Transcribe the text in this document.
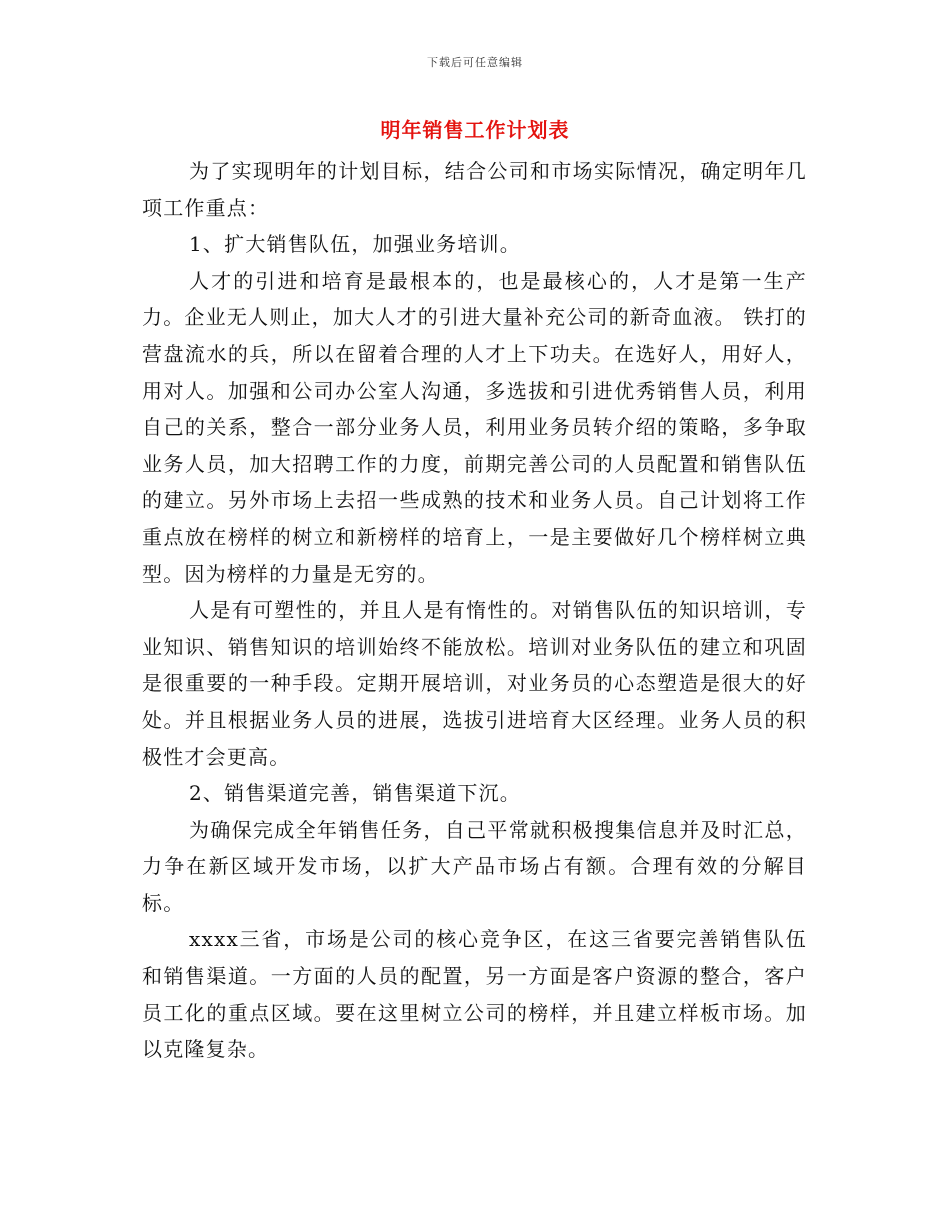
下载后可任意编辑
明年销售工作计划表

为了实现明年的计划目标，结合公司和市场实际情况，确定明年几项工作重点：

1、扩大销售队伍，加强业务培训。

人才的引进和培育是最根本的，也是最核心的，人才是第一生产力。企业无人则止，加大人才的引进大量补充公司的新奇血液。 铁打的营盘流水的兵，所以在留着合理的人才上下功夫。在选好人，用好人，用对人。加强和公司办公室人沟通，多选拔和引进优秀销售人员，利用自己的关系，整合一部分业务人员，利用业务员转介绍的策略，多争取业务人员，加大招聘工作的力度，前期完善公司的人员配置和销售队伍的建立。另外市场上去招一些成熟的技术和业务人员。自己计划将工作重点放在榜样的树立和新榜样的培育上，一是主要做好几个榜样树立典型。因为榜样的力量是无穷的。

人是有可塑性的，并且人是有惰性的。对销售队伍的知识培训，专业知识、销售知识的培训始终不能放松。培训对业务队伍的建立和巩固是很重要的一种手段。定期开展培训，对业务员的心态塑造是很大的好处。并且根据业务人员的进展，选拔引进培育大区经理。业务人员的积极性才会更高。

2、销售渠道完善，销售渠道下沉。

为确保完成全年销售任务，自己平常就积极搜集信息并及时汇总，力争在新区域开发市场，以扩大产品市场占有额。合理有效的分解目标。

xxxx三省，市场是公司的核心竞争区，在这三省要完善销售队伍和销售渠道。一方面的人员的配置，另一方面是客户资源的整合，客户员工化的重点区域。要在这里树立公司的榜样，并且建立样板市场。加以克隆复杂。
